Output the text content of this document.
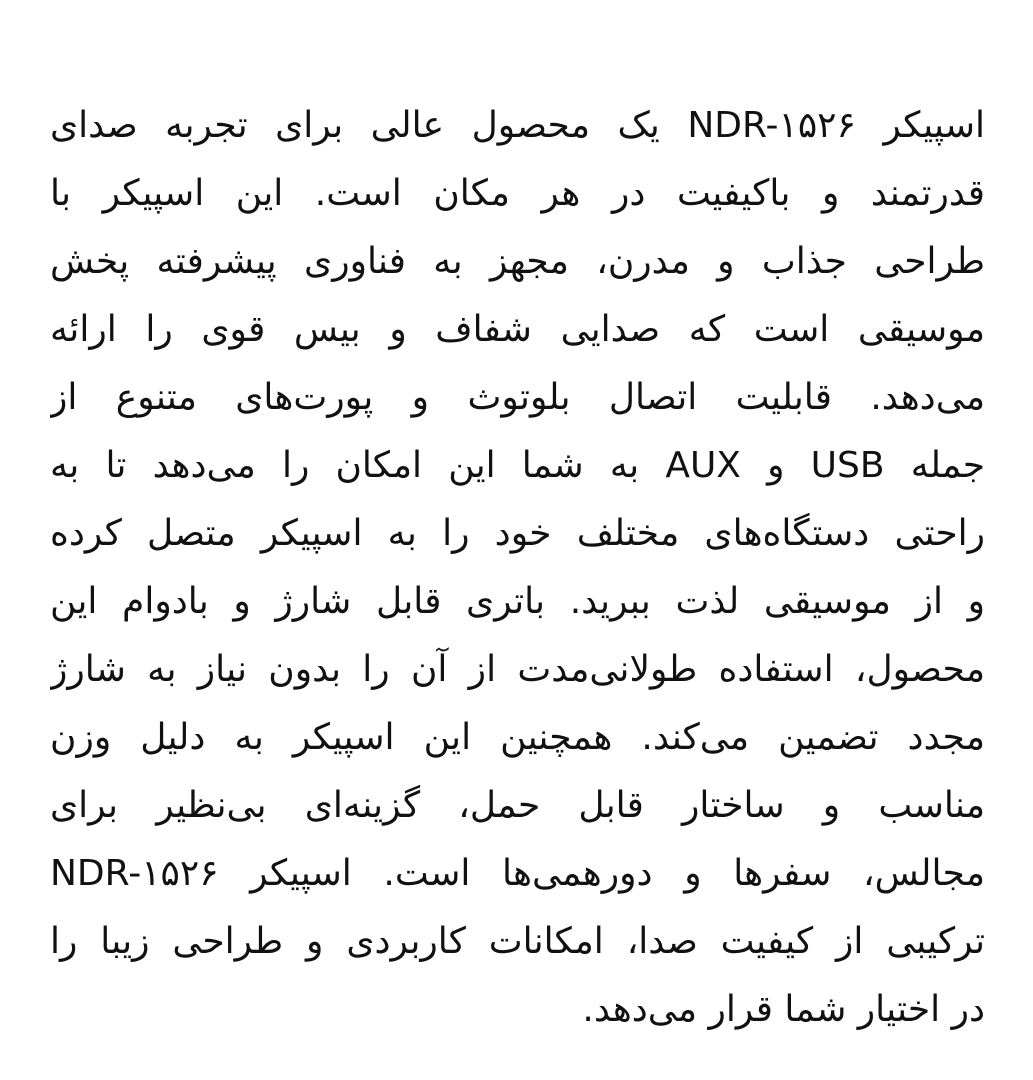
اسپیکر NDR-۱۵۲۶ یک محصول عالی برای تجربه صدای
قدرتمند و باکیفیت در هر مکان است. این اسپیکر با
طراحی جذاب و مدرن، مجهز به فناوری پیشرفته پخش
موسیقی است که صدایی شفاف و بیس قوی را ارائه
می‌دهد. قابلیت اتصال بلوتوث و پورت‌های متنوع از
جمله USB و AUX به شما این امکان را می‌دهد تا به
راحتی دستگاه‌های مختلف خود را به اسپیکر متصل کرده
و از موسیقی لذت ببرید. باتری قابل شارژ و بادوام این
محصول، استفاده طولانی‌مدت از آن را بدون نیاز به شارژ
مجدد تضمین می‌کند. همچنین این اسپیکر به دلیل وزن
مناسب و ساختار قابل حمل، گزینه‌ای بی‌نظیر برای
مجالس، سفرها و دورهمی‌ها است. اسپیکر NDR-۱۵۲۶
ترکیبی از کیفیت صدا، امکانات کاربردی و طراحی زیبا را
در اختیار شما قرار می‌دهد.
